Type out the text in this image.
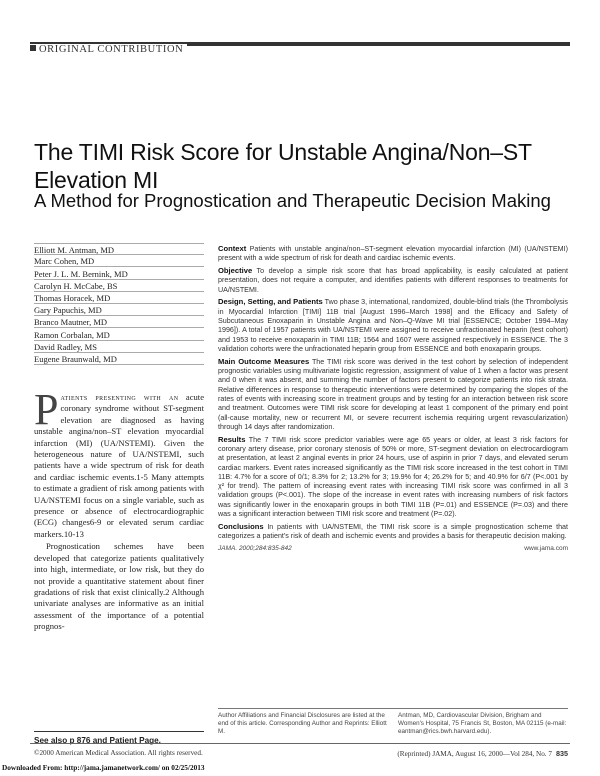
ORIGINAL CONTRIBUTION
The TIMI Risk Score for Unstable Angina/Non–ST Elevation MI
A Method for Prognostication and Therapeutic Decision Making
Elliott M. Antman, MD
Marc Cohen, MD
Peter J. L. M. Bernink, MD
Carolyn H. McCabe, BS
Thomas Horacek, MD
Gary Papuchis, MD
Branco Mautner, MD
Ramon Corbalan, MD
David Radley, MS
Eugene Braunwald, MD

Patients presenting with an acute coronary syndrome without ST-segment elevation are diagnosed as having unstable angina/non–ST elevation myocardial infarction (MI) (UA/NSTEMI). Given the heterogeneous nature of UA/NSTEMI, such patients have a wide spectrum of risk for death and cardiac ischemic events.1-5 Many attempts to estimate a gradient of risk among patients with UA/NSTEMI focus on a single variable, such as presence or absence of electrocardiographic (ECG) changes6-9 or elevated serum cardiac markers.10-13

Prognostication schemes have been developed that categorize patients qualitatively into high, intermediate, or low risk, but they do not provide a quantitative statement about finer gradations of risk that exist clinically.2 Although univariate analyses are informative as an initial assessment of the importance of a potential prognos-

See also p 876 and Patient Page.

Context Patients with unstable angina/non–ST-segment elevation myocardial infarction (MI) (UA/NSTEMI) present with a wide spectrum of risk for death and cardiac ischemic events.

Objective To develop a simple risk score that has broad applicability, is easily calculated at patient presentation, does not require a computer, and identifies patients with different responses to treatments for UA/NSTEMI.

Design, Setting, and Patients Two phase 3, international, randomized, double-blind trials (the Thrombolysis in Myocardial Infarction [TIMI] 11B trial [August 1996–March 1998] and the Efficacy and Safety of Subcutaneous Enoxaparin in Unstable Angina and Non–Q-Wave MI trial [ESSENCE; October 1994–May 1996]). A total of 1957 patients with UA/NSTEMI were assigned to receive unfractionated heparin (test cohort) and 1953 to receive enoxaparin in TIMI 11B; 1564 and 1607 were assigned respectively in ESSENCE. The 3 validation cohorts were the unfractionated heparin group from ESSENCE and both enoxaparin groups.

Main Outcome Measures The TIMI risk score was derived in the test cohort by selection of independent prognostic variables using multivariate logistic regression, assignment of value of 1 when a factor was present and 0 when it was absent, and summing the number of factors present to categorize patients into risk strata. Relative differences in response to therapeutic interventions were determined by comparing the slopes of the rates of events with increasing score in treatment groups and by testing for an interaction between risk score and treatment. Outcomes were TIMI risk score for developing at least 1 component of the primary end point (all-cause mortality, new or recurrent MI, or severe recurrent ischemia requiring urgent revascularization) through 14 days after randomization.

Results The 7 TIMI risk score predictor variables were age 65 years or older, at least 3 risk factors for coronary artery disease, prior coronary stenosis of 50% or more, ST-segment deviation on electrocardiogram at presentation, at least 2 anginal events in prior 24 hours, use of aspirin in prior 7 days, and elevated serum cardiac markers. Event rates increased significantly as the TIMI risk score increased in the test cohort in TIMI 11B: 4.7% for a score of 0/1; 8.3% for 2; 13.2% for 3; 19.9% for 4; 26.2% for 5; and 40.9% for 6/7 (P<.001 by χ² for trend). The pattern of increasing event rates with increasing TIMI risk score was confirmed in all 3 validation groups (P<.001). The slope of the increase in event rates with increasing numbers of risk factors was significantly lower in the enoxaparin groups in both TIMI 11B (P=.01) and ESSENCE (P=.03) and there was a significant interaction between TIMI risk score and treatment (P=.02).

Conclusions In patients with UA/NSTEMI, the TIMI risk score is a simple prognostication scheme that categorizes a patient's risk of death and ischemic events and provides a basis for therapeutic decision making.

JAMA. 2000;284:835-842	www.jama.com
Author Affiliations and Financial Disclosures are listed at the end of this article. Corresponding Author and Reprints: Elliott M.
Antman, MD, Cardiovascular Division, Brigham and Women's Hospital, 75 Francis St, Boston, MA 02115 (e-mail: eantman@rics.bwh.harvard.edu).
©2000 American Medical Association. All rights reserved.	(Reprinted) JAMA, August 16, 2000—Vol 284, No. 7 835
Downloaded From: http://jama.jamanetwork.com/ on 02/25/2013
